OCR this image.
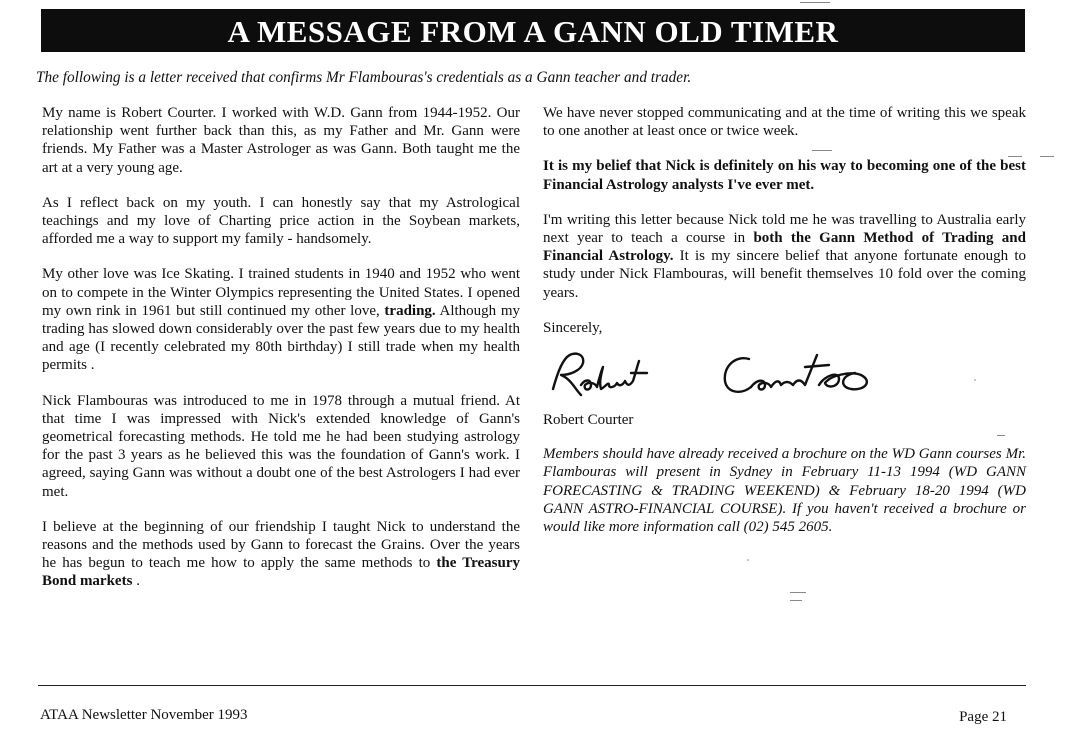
A MESSAGE FROM A GANN OLD TIMER
The following is a letter received that confirms Mr Flambouras's credentials as a Gann teacher and trader.

My name is Robert Courter. I worked with W.D. Gann from 1944-1952. Our relationship went further back than this, as my Father and Mr. Gann were friends. My Father was a Master Astrologer as was Gann. Both taught me the art at a very young age.

As I reflect back on my youth. I can honestly say that my Astrological teachings and my love of Charting price action in the Soybean markets, afforded me a way to support my family - handsomely.

My other love was Ice Skating. I trained students in 1940 and 1952 who went on to compete in the Winter Olympics representing the United States. I opened my own rink in 1961 but still continued my other love, trading. Although my trading has slowed down considerably over the past few years due to my health and age (I recently celebrated my 80th birthday) I still trade when my health permits .

Nick Flambouras was introduced to me in 1978 through a mutual friend. At that time I was impressed with Nick's extended knowledge of Gann's geometrical forecasting methods. He told me he had been studying astrology for the past 3 years as he believed this was the foundation of Gann's work. I agreed, saying Gann was without a doubt one of the best Astrologers I had ever met.

I believe at the beginning of our friendship I taught Nick to understand the reasons and the methods used by Gann to forecast the Grains. Over the years he has begun to teach me how to apply the same methods to the Treasury Bond markets .

We have never stopped communicating and at the time of writing this we speak to one another at least once or twice week.

It is my belief that Nick is definitely on his way to becoming one of the best Financial Astrology analysts I've ever met.

I'm writing this letter because Nick told me he was travelling to Australia early next year to teach a course in both the Gann Method of Trading and Financial Astrology. It is my sincere belief that anyone fortunate enough to study under Nick Flambouras, will benefit themselves 10 fold over the coming years.

Sincerely,

Robert Courter

Members should have already received a brochure on the WD Gann courses Mr. Flambouras will present in Sydney in February 11-13 1994 (WD GANN FORECASTING & TRADING WEEKEND) & February 18-20 1994 (WD GANN ASTRO-FINANCIAL COURSE). If you haven't received a brochure or would like more information call (02) 545 2605.

ATAA Newsletter November 1993	Page 21
